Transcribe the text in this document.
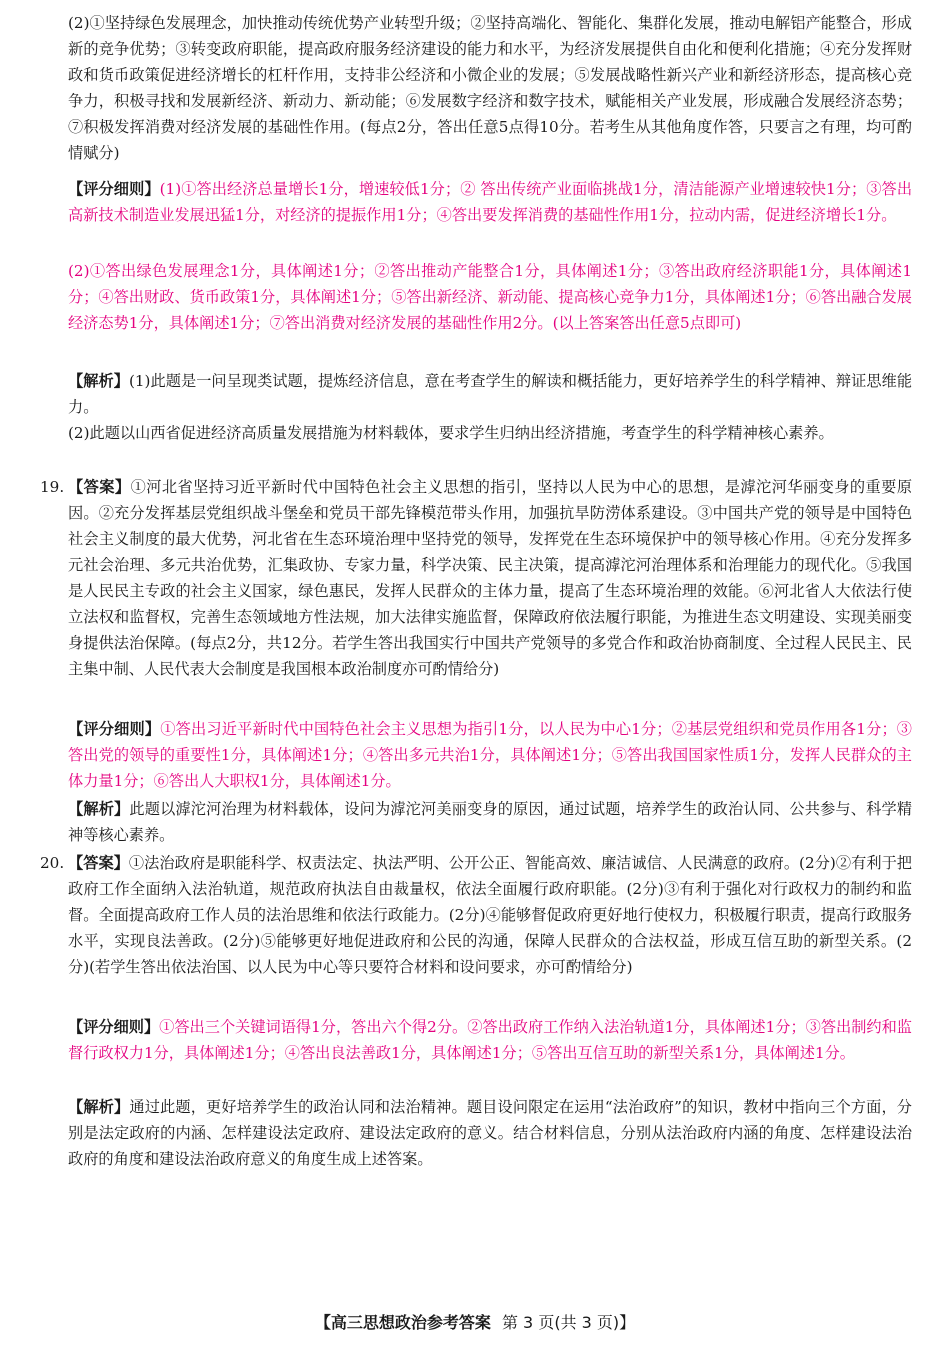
(2)①坚持绿色发展理念，加快推动传统优势产业转型升级；②坚持高端化、智能化、集群化发展，推动电解铝产能整合，形成新的竞争优势；③转变政府职能，提高政府服务经济建设的能力和水平，为经济发展提供自由化和便利化措施；④充分发挥财政和货币政策促进经济增长的杠杆作用，支持非公经济和小微企业的发展；⑤发展战略性新兴产业和新经济形态，提高核心竞争力，积极寻找和发展新经济、新动力、新动能；⑥发展数字经济和数字技术，赋能相关产业发展，形成融合发展经济态势；⑦积极发挥消费对经济发展的基础性作用。(每点2分，答出任意5点得10分。若考生从其他角度作答，只要言之有理，均可酌情赋分)

【评分细则】(1)①答出经济总量增长1分，增速较低1分；② 答出传统产业面临挑战1分，清洁能源产业增速较快1分；③答出高新技术制造业发展迅猛1分，对经济的提振作用1分；④答出要发挥消费的基础性作用1分，拉动内需，促进经济增长1分。

(2)①答出绿色发展理念1分，具体阐述1分；②答出推动产能整合1分，具体阐述1分；③答出政府经济职能1分，具体阐述1分；④答出财政、货币政策1分，具体阐述1分；⑤答出新经济、新动能、提高核心竞争力1分，具体阐述1分；⑥答出融合发展经济态势1分，具体阐述1分；⑦答出消费对经济发展的基础性作用2分。(以上答案答出任意5点即可)

【解析】(1)此题是一问呈现类试题，提炼经济信息，意在考查学生的解读和概括能力，更好培养学生的科学精神、辩证思维能力。

(2)此题以山西省促进经济高质量发展措施为材料载体，要求学生归纳出经济措施，考查学生的科学精神核心素养。

19. 【答案】①河北省坚持习近平新时代中国特色社会主义思想的指引，坚持以人民为中心的思想，是滹沱河华丽变身的重要原因。②充分发挥基层党组织战斗堡垒和党员干部先锋模范带头作用，加强抗旱防涝体系建设。③中国共产党的领导是中国特色社会主义制度的最大优势，河北省在生态环境治理中坚持党的领导，发挥党在生态环境保护中的领导核心作用。④充分发挥多元社会治理、多元共治优势，汇集政协、专家力量，科学决策、民主决策，提高滹沱河治理体系和治理能力的现代化。⑤我国是人民民主专政的社会主义国家，绿色惠民，发挥人民群众的主体力量，提高了生态环境治理的效能。⑥河北省人大依法行使立法权和监督权，完善生态领域地方性法规，加大法律实施监督，保障政府依法履行职能，为推进生态文明建设、实现美丽变身提供法治保障。(每点2分，共12分。若学生答出我国实行中国共产党领导的多党合作和政治协商制度、全过程人民民主、民主集中制、人民代表大会制度是我国根本政治制度亦可酌情给分)

【评分细则】①答出习近平新时代中国特色社会主义思想为指引1分，以人民为中心1分；②基层党组织和党员作用各1分；③答出党的领导的重要性1分，具体阐述1分；④答出多元共治1分，具体阐述1分；⑤答出我国国家性质1分，发挥人民群众的主体力量1分；⑥答出人大职权1分，具体阐述1分。

【解析】此题以滹沱河治理为材料载体，设问为滹沱河美丽变身的原因，通过试题，培养学生的政治认同、公共参与、科学精神等核心素养。

20. 【答案】①法治政府是职能科学、权责法定、执法严明、公开公正、智能高效、廉洁诚信、人民满意的政府。(2分)②有利于把政府工作全面纳入法治轨道，规范政府执法自由裁量权，依法全面履行政府职能。(2分)③有利于强化对行政权力的制约和监督。全面提高政府工作人员的法治思维和依法行政能力。(2分)④能够督促政府更好地行使权力，积极履行职责，提高行政服务水平，实现良法善政。(2分)⑤能够更好地促进政府和公民的沟通，保障人民群众的合法权益，形成互信互助的新型关系。(2分)(若学生答出依法治国、以人民为中心等只要符合材料和设问要求，亦可酌情给分)

【评分细则】①答出三个关键词语得1分，答出六个得2分。②答出政府工作纳入法治轨道1分，具体阐述1分；③答出制约和监督行政权力1分，具体阐述1分；④答出良法善政1分，具体阐述1分；⑤答出互信互助的新型关系1分，具体阐述1分。

【解析】通过此题，更好培养学生的政治认同和法治精神。题目设问限定在运用“法治政府”的知识，教材中指向三个方面，分别是法定政府的内涵、怎样建设法定政府、建设法定政府的意义。结合材料信息，分别从法治政府内涵的角度、怎样建设法治政府的角度和建设法治政府意义的角度生成上述答案。

【高三思想政治参考答案 第 3 页(共 3 页)】
